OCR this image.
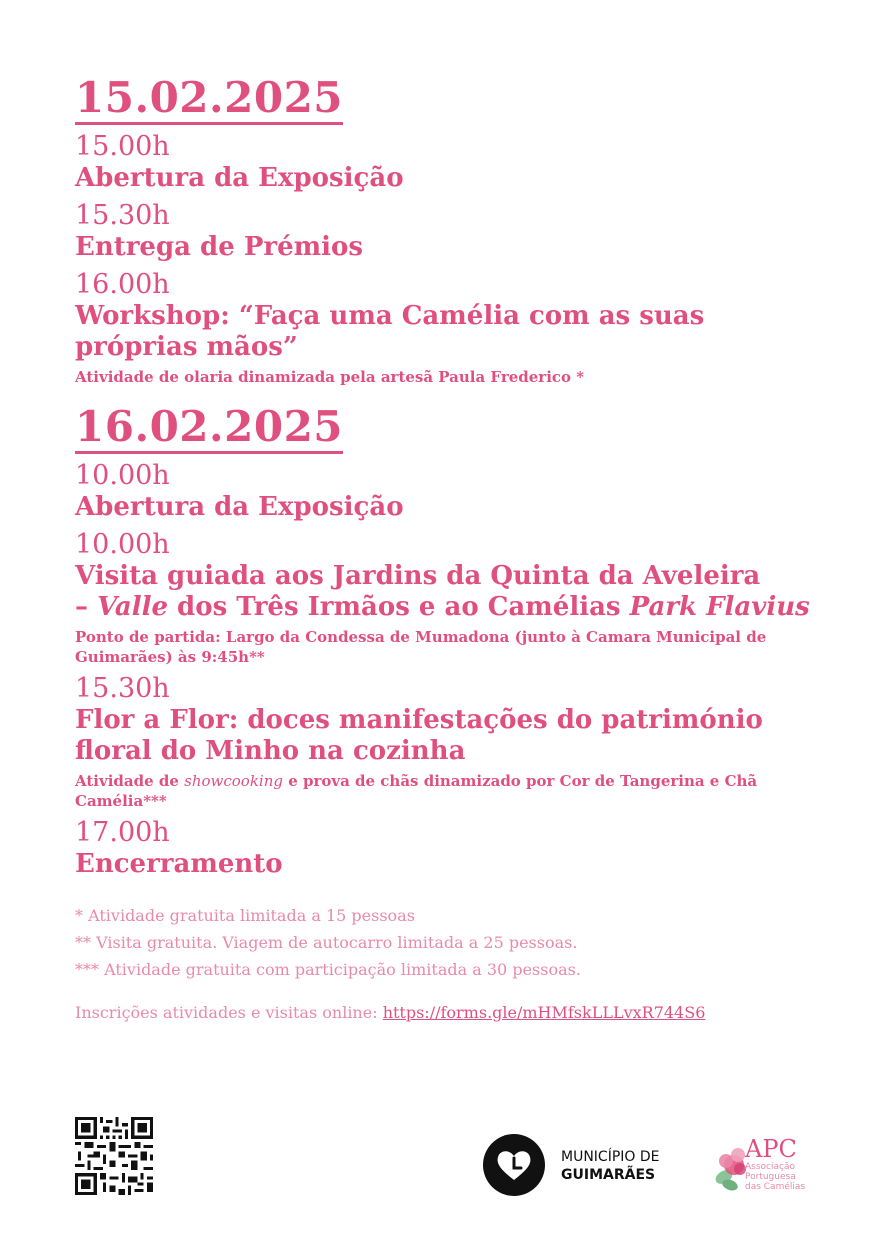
15.02.2025
15.00h
Abertura da Exposição
15.30h
Entrega de Prémios
16.00h
Workshop: “Faça uma Camélia com as suas próprias mãos”
Atividade de olaria dinamizada pela artesã Paula Frederico *
16.02.2025
10.00h
Abertura da Exposição
10.00h
Visita guiada aos Jardins da Quinta da Aveleira
– Valle dos Três Irmãos e ao Camélias Park Flavius
Ponto de partida: Largo da Condessa de Mumadona (junto à Camara Municipal de Guimarães) às 9:45h**
15.30h
Flor a Flor: doces manifestações do património floral do Minho na cozinha
Atividade de showcooking e prova de chãs dinamizado por Cor de Tangerina e Chã Camélia***
17.00h
Encerramento
* Atividade gratuita limitada a 15 pessoas
** Visita gratuita. Viagem de autocarro limitada a 25 pessoas.
*** Atividade gratuita com participação limitada a 30 pessoas.
Inscrições atividades e visitas online: https://forms.gle/mHMfskLLLvxR744S6
MUNICÍPIO DE
GUIMARÃES
APC
Associação
Portuguesa
das Camélias
